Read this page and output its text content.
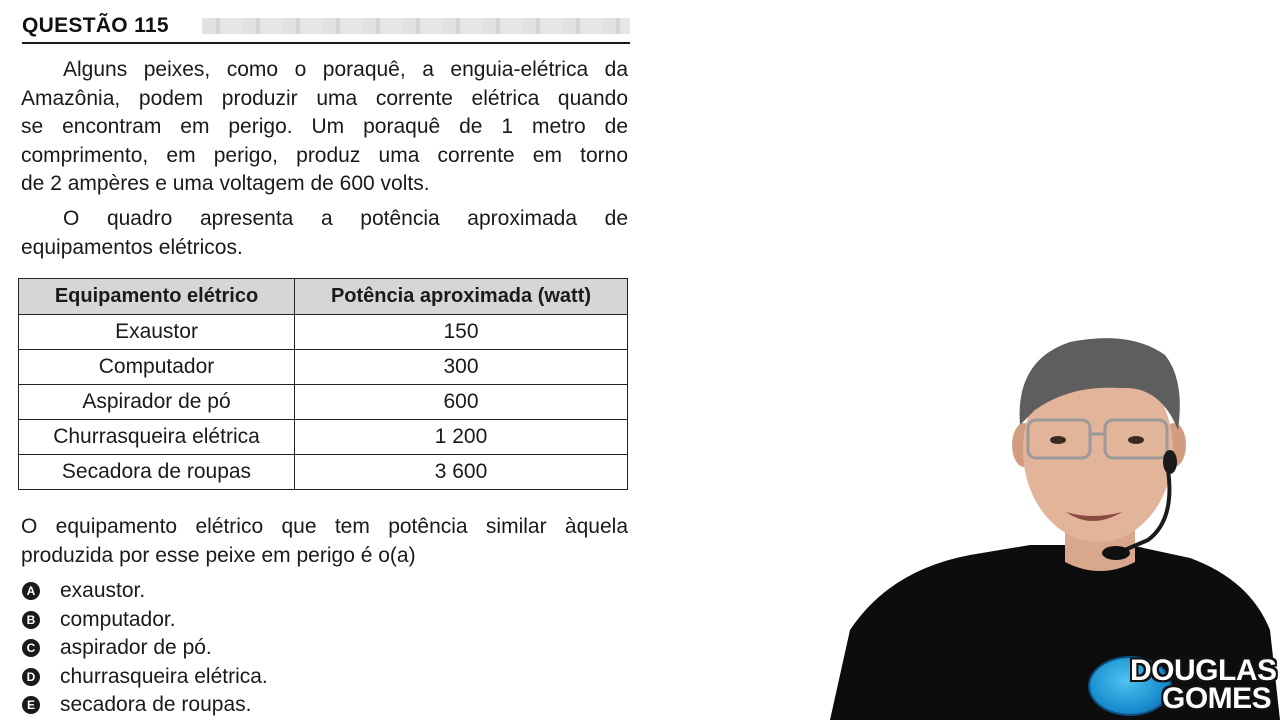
QUESTÃO 115

Alguns peixes, como o poraquê, a enguia-elétrica da
Amazônia, podem produzir uma corrente elétrica quando
se encontram em perigo. Um poraquê de 1 metro de
comprimento, em perigo, produz uma corrente em torno
de 2 ampères e uma voltagem de 600 volts.

O quadro apresenta a potência aproximada de
equipamentos elétricos.

Equipamento elétrico	Potência aproximada (watt)
Exaustor	150
Computador	300
Aspirador de pó	600
Churrasqueira elétrica	1 200
Secadora de roupas	3 600

O equipamento elétrico que tem potência similar àquela
produzida por esse peixe em perigo é o(a)

A exaustor.
B computador.
C aspirador de pó.
D churrasqueira elétrica.
E secadora de roupas.
DOUGLAS
GOMES
